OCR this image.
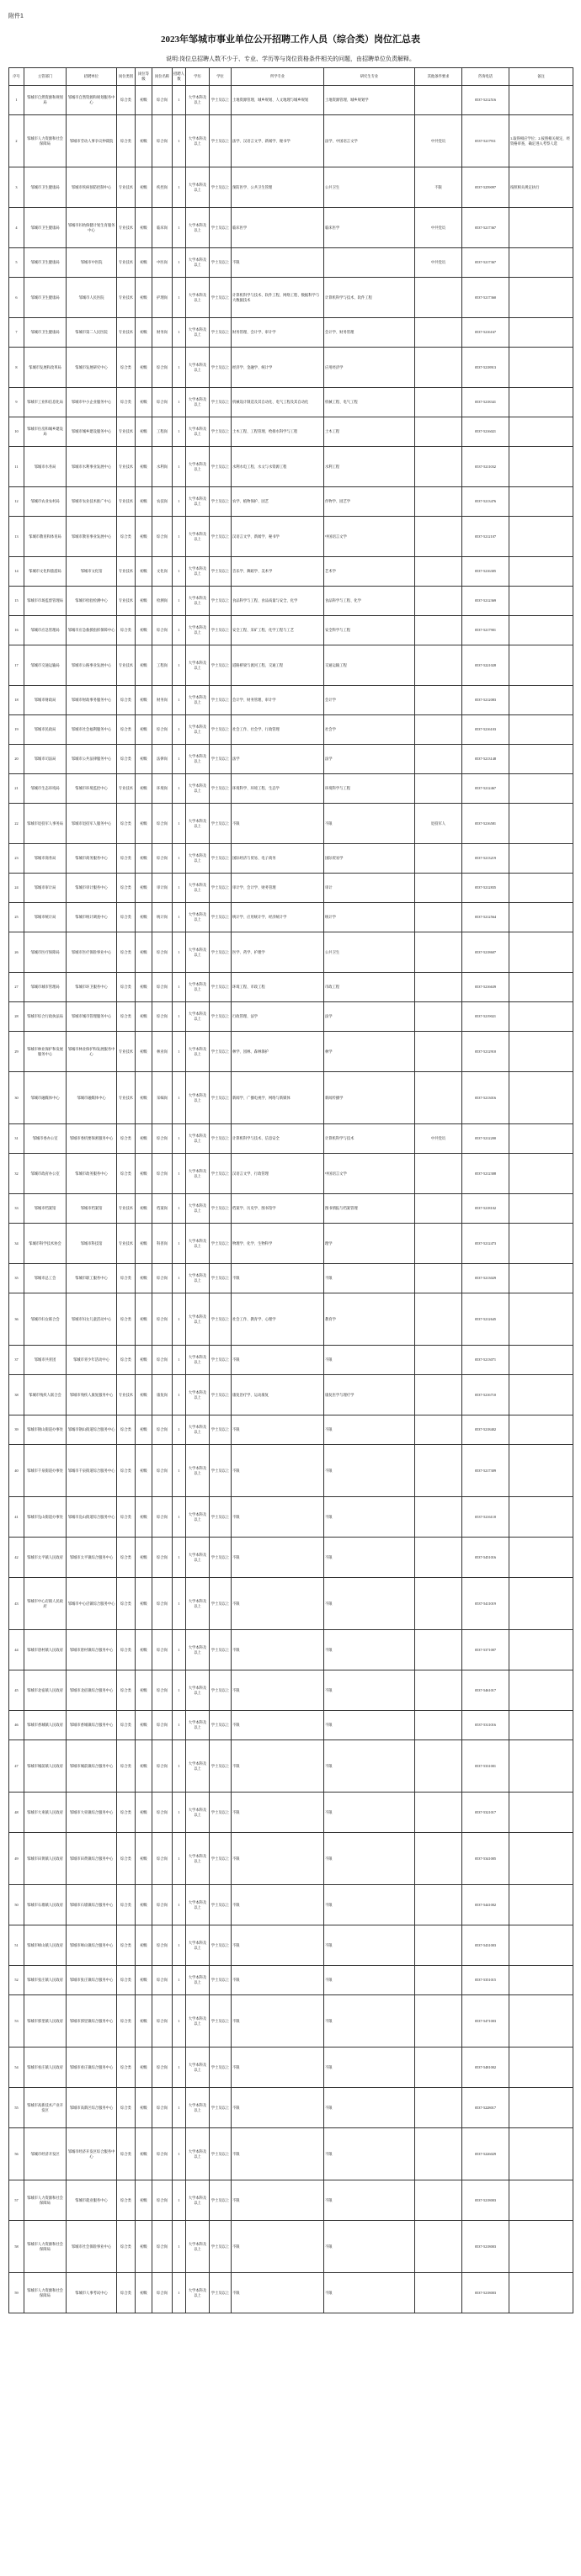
附件1
2023年邹城市事业单位公开招聘工作人员（综合类）岗位汇总表
说明:岗位总招聘人数不少于、专业、学历等与岗位资格条件相关的问题，由招聘单位负责解释。
序号	主管部门	招聘单位	岗位类别	岗位等级	岗位名称	招聘人数	学历	学位	所学专业	研究生专业	其他条件要求	咨询电话	备注
1	邹城市自然资源和规划局	邹城市自然资源和规划服务中心	综合类	初级	综合岗	1	大学本科及以上	学士及以上	土地资源管理、城乡规划、人文地理与城乡规划	土地资源管理、城乡规划学		0537-5212516	
2	邹城市人力资源和社会保障局	邹城市劳动人事争议仲裁院	综合类	初级	综合岗	1	大学本科及以上	学士及以上	法学、汉语言文学、新闻学、秘书学	法学、中国语言文学	中共党员	0537-5217911	1.取得相应学位；2.按照相关规定，经资格审查，确定进入考察人选
3	邹城市卫生健康局	邹城市疾病预防控制中心	专业技术	初级	疾控岗	1	大学本科及以上	学士及以上	预防医学、公共卫生管理	公共卫生	不限	0537-5259097	按照相关规定执行
4	邹城市卫生健康局	邹城市妇幼保健计划生育服务中心	专业技术	初级	临床岗	1	大学本科及以上	学士及以上	临床医学	临床医学	中共党员	0537-5217367	
5	邹城市卫生健康局	邹城市中医院	专业技术	初级	中医岗	1	大学本科及以上	学士及以上	不限		中共党员	0537-5217367	
6	邹城市卫生健康局	邹城市人民医院	专业技术	初级	护理岗	1	大学本科及以上	学士及以上	计算机科学与技术、软件工程、网络工程、数据科学与大数据技术	计算机科学与技术、软件工程		0537-5217360	
7	邹城市卫生健康局	邹城市第二人民医院	专业技术	初级	财务岗	1	大学本科及以上	学士及以上	财务管理、会计学、审计学	会计学、财务管理		0537-5216167	
8	邹城市发展和改革局	邹城市发展研究中心	综合类	初级	综合岗	1	大学本科及以上	学士及以上	经济学、金融学、统计学	应用经济学		0537-5218913	
9	邹城市工业和信息化局	邹城市中小企业服务中心	综合类	初级	综合岗	1	大学本科及以上	学士及以上	机械设计制造及其自动化、电气工程及其自动化	机械工程、电气工程		0537-5218341	
10	邹城市住房和城乡建设局	邹城市城乡建设服务中心	专业技术	初级	工程岗	1	大学本科及以上	学士及以上	土木工程、工程管理、给排水科学与工程	土木工程		0537-5216021	
11	邹城市水务局	邹城市水利事业发展中心	专业技术	初级	水利岗	1	大学本科及以上	学士及以上	水利水电工程、水文与水资源工程	水利工程		0537-5211032	
12	邹城市农业农村局	邹城市农业技术推广中心	专业技术	初级	农技岗	1	大学本科及以上	学士及以上	农学、植物保护、园艺	作物学、园艺学		0537-5213476	
13	邹城市教育和体育局	邹城市教育事业发展中心	综合类	初级	综合岗	1	大学本科及以上	学士及以上	汉语言文学、新闻学、秘书学	中国语言文学		0537-5212107	
14	邹城市文化和旅游局	邹城市文化馆	专业技术	初级	文化岗	1	大学本科及以上	学士及以上	音乐学、舞蹈学、美术学	艺术学		0537-5216305	
15	邹城市市场监督管理局	邹城市检验检测中心	专业技术	初级	检测岗	1	大学本科及以上	学士及以上	食品科学与工程、食品质量与安全、化学	食品科学与工程、化学		0537-5212369	
16	邹城市应急管理局	邹城市应急救援指挥保障中心	综合类	初级	综合岗	1	大学本科及以上	学士及以上	安全工程、采矿工程、化学工程与工艺	安全科学与工程		0537-5217901	
17	邹城市交通运输局	邹城市公路事业发展中心	专业技术	初级	工程岗	1	大学本科及以上	学士及以上	道路桥梁与渡河工程、交通工程	交通运输工程		0537-5221028	
18	邹城市财政局	邹城市财政事务服务中心	综合类	初级	财务岗	1	大学本科及以上	学士及以上	会计学、财务管理、审计学	会计学		0537-5212083	
19	邹城市民政局	邹城市社会福利服务中心	综合类	初级	综合岗	1	大学本科及以上	学士及以上	社会工作、社会学、行政管理	社会学		0537-5216103	
20	邹城市司法局	邹城市公共法律服务中心	综合类	初级	法律岗	1	大学本科及以上	学士及以上	法学	法学		0537-5213148	
21	邹城市生态环境局	邹城市环境监控中心	专业技术	初级	环境岗	1	大学本科及以上	学士及以上	环境科学、环境工程、生态学	环境科学与工程		0537-5212467	
22	邹城市退役军人事务局	邹城市退役军人服务中心	综合类	初级	综合岗	1	大学本科及以上	学士及以上	不限	不限	退役军人	0537-5216581	
23	邹城市商务局	邹城市商务服务中心	综合类	初级	综合岗	1	大学本科及以上	学士及以上	国际经济与贸易、电子商务	国际贸易学		0537-5213219	
24	邹城市审计局	邹城市审计服务中心	综合类	初级	审计岗	1	大学本科及以上	学士及以上	审计学、会计学、财务管理	审计		0537-5212835	
25	邹城市统计局	邹城市统计调查中心	综合类	初级	统计岗	1	大学本科及以上	学士及以上	统计学、应用统计学、经济统计学	统计学		0537-5212564	
26	邹城市医疗保障局	邹城市医疗保险事业中心	综合类	初级	综合岗	1	大学本科及以上	学士及以上	医学、药学、护理学	公共卫生		0537-5218607	
27	邹城市城市管理局	邹城市环卫服务中心	综合类	初级	综合岗	1	大学本科及以上	学士及以上	环境工程、市政工程	市政工程		0537-5216639	
28	邹城市综合行政执法局	邹城市城市管理服务中心	综合类	初级	综合岗	1	大学本科及以上	学士及以上	行政管理、法学	法学		0537-5219021	
29	邹城市林业保护和发展服务中心	邹城市林业保护和发展服务中心	专业技术	初级	林业岗	1	大学本科及以上	学士及以上	林学、园林、森林保护	林学		0537-5212910	
30	邹城市融媒体中心	邹城市融媒体中心	专业技术	初级	采编岗	1	大学本科及以上	学士及以上	新闻学、广播电视学、网络与新媒体	新闻传播学		0537-5213016	
31	邹城市委办公室	邹城市委机要保密服务中心	综合类	初级	综合岗	1	大学本科及以上	学士及以上	计算机科学与技术、信息安全	计算机科学与技术	中共党员	0537-5212200	
32	邹城市政府办公室	邹城市政务服务中心	综合类	初级	综合岗	1	大学本科及以上	学士及以上	汉语言文学、行政管理	中国语言文学		0537-5212308	
33	邹城市档案馆	邹城市档案馆	专业技术	初级	档案岗	1	大学本科及以上	学士及以上	档案学、历史学、图书馆学	图书情报与档案管理		0537-5218102	
34	邹城市科学技术协会	邹城市科技馆	专业技术	初级	科普岗	1	大学本科及以上	学士及以上	物理学、化学、生物科学	理学		0537-5212473	
35	邹城市总工会	邹城市职工服务中心	综合类	初级	综合岗	1	大学本科及以上	学士及以上	不限	不限		0537-5213029	
36	邹城市妇女联合会	邹城市妇女儿童活动中心	综合类	初级	综合岗	1	大学本科及以上	学士及以上	社会工作、教育学、心理学	教育学		0537-5212645	
37	邹城市共青团	邹城市青少年活动中心	综合类	初级	综合岗	1	大学本科及以上	学士及以上	不限	不限		0537-5213071	
38	邹城市残疾人联合会	邹城市残疾人康复服务中心	专业技术	初级	康复岗	1	大学本科及以上	学士及以上	康复治疗学、运动康复	康复医学与理疗学		0537-5216710	
39	邹城市钢山街道办事处	邹城市钢山街道综合服务中心	综合类	初级	综合岗	1	大学本科及以上	学士及以上	不限	不限		0537-5218402	
40	邹城市千泉街道办事处	邹城市千泉街道综合服务中心	综合类	初级	综合岗	1	大学本科及以上	学士及以上	不限	不限		0537-5217309	
41	邹城市凫山街道办事处	邹城市凫山街道综合服务中心	综合类	初级	综合岗	1	大学本科及以上	学士及以上	不限	不限		0537-5216118	
42	邹城市太平镇人民政府	邹城市太平镇综合服务中心	综合类	初级	综合岗	1	大学本科及以上	学士及以上	不限	不限		0537-5451016	
43	邹城市中心店镇人民政府	邹城市中心店镇综合服务中心	综合类	初级	综合岗	1	大学本科及以上	学士及以上	不限	不限		0537-5411019	
44	邹城市唐村镇人民政府	邹城市唐村镇综合服务中心	综合类	初级	综合岗	1	大学本科及以上	学士及以上	不限	不限		0537-5371007	
45	邹城市北宿镇人民政府	邹城市北宿镇综合服务中心	综合类	初级	综合岗	1	大学本科及以上	学士及以上	不限	不限		0537-5461017	
46	邹城市香城镇人民政府	邹城市香城镇综合服务中心	综合类	初级	综合岗	1	大学本科及以上	学士及以上	不限	不限		0537-5311016	
47	邹城市城前镇人民政府	邹城市城前镇综合服务中心	综合类	初级	综合岗	1	大学本科及以上	学士及以上	不限	不限		0537-5331001	
48	邹城市大束镇人民政府	邹城市大束镇综合服务中心	综合类	初级	综合岗	1	大学本科及以上	学士及以上	不限	不限		0537-5321017	
49	邹城市田黄镇人民政府	邹城市田黄镇综合服务中心	综合类	初级	综合岗	1	大学本科及以上	学士及以上	不限	不限		0537-5341005	
50	邹城市石墙镇人民政府	邹城市石墙镇综合服务中心	综合类	初级	综合岗	1	大学本科及以上	学士及以上	不限	不限		0537-5441002	
51	邹城市峄山镇人民政府	邹城市峄山镇综合服务中心	综合类	初级	综合岗	1	大学本科及以上	学士及以上	不限	不限		0537-5431003	
52	邹城市张庄镇人民政府	邹城市张庄镇综合服务中心	综合类	初级	综合岗	1	大学本科及以上	学士及以上	不限	不限		0537-5351015	
53	邹城市郭里镇人民政府	邹城市郭里镇综合服务中心	综合类	初级	综合岗	1	大学本科及以上	学士及以上	不限	不限		0537-5471003	
54	邹城市看庄镇人民政府	邹城市看庄镇综合服务中心	综合类	初级	综合岗	1	大学本科及以上	学士及以上	不限	不限		0537-5481002	
55	邹城市高新技术产业开发区	邹城市高新区综合服务中心	综合类	初级	综合岗	1	大学本科及以上	学士及以上	不限	不限		0537-5228017	
56	邹城市经济开发区	邹城市经济开发区综合服务中心	综合类	初级	综合岗	1	大学本科及以上	学士及以上	不限	不限		0537-5226029	
57	邹城市人力资源和社会保障局	邹城市就业服务中心	综合类	初级	综合岗	1	大学本科及以上	学士及以上	不限	不限		0537-5218003	
58	邹城市人力资源和社会保障局	邹城市社会保险事业中心	综合类	初级	综合岗	1	大学本科及以上	学士及以上	不限	不限		0537-5218003	
59	邹城市人力资源和社会保障局	邹城市人事考试中心	综合类	初级	综合岗	1	大学本科及以上	学士及以上	不限	不限		0537-5218003	
